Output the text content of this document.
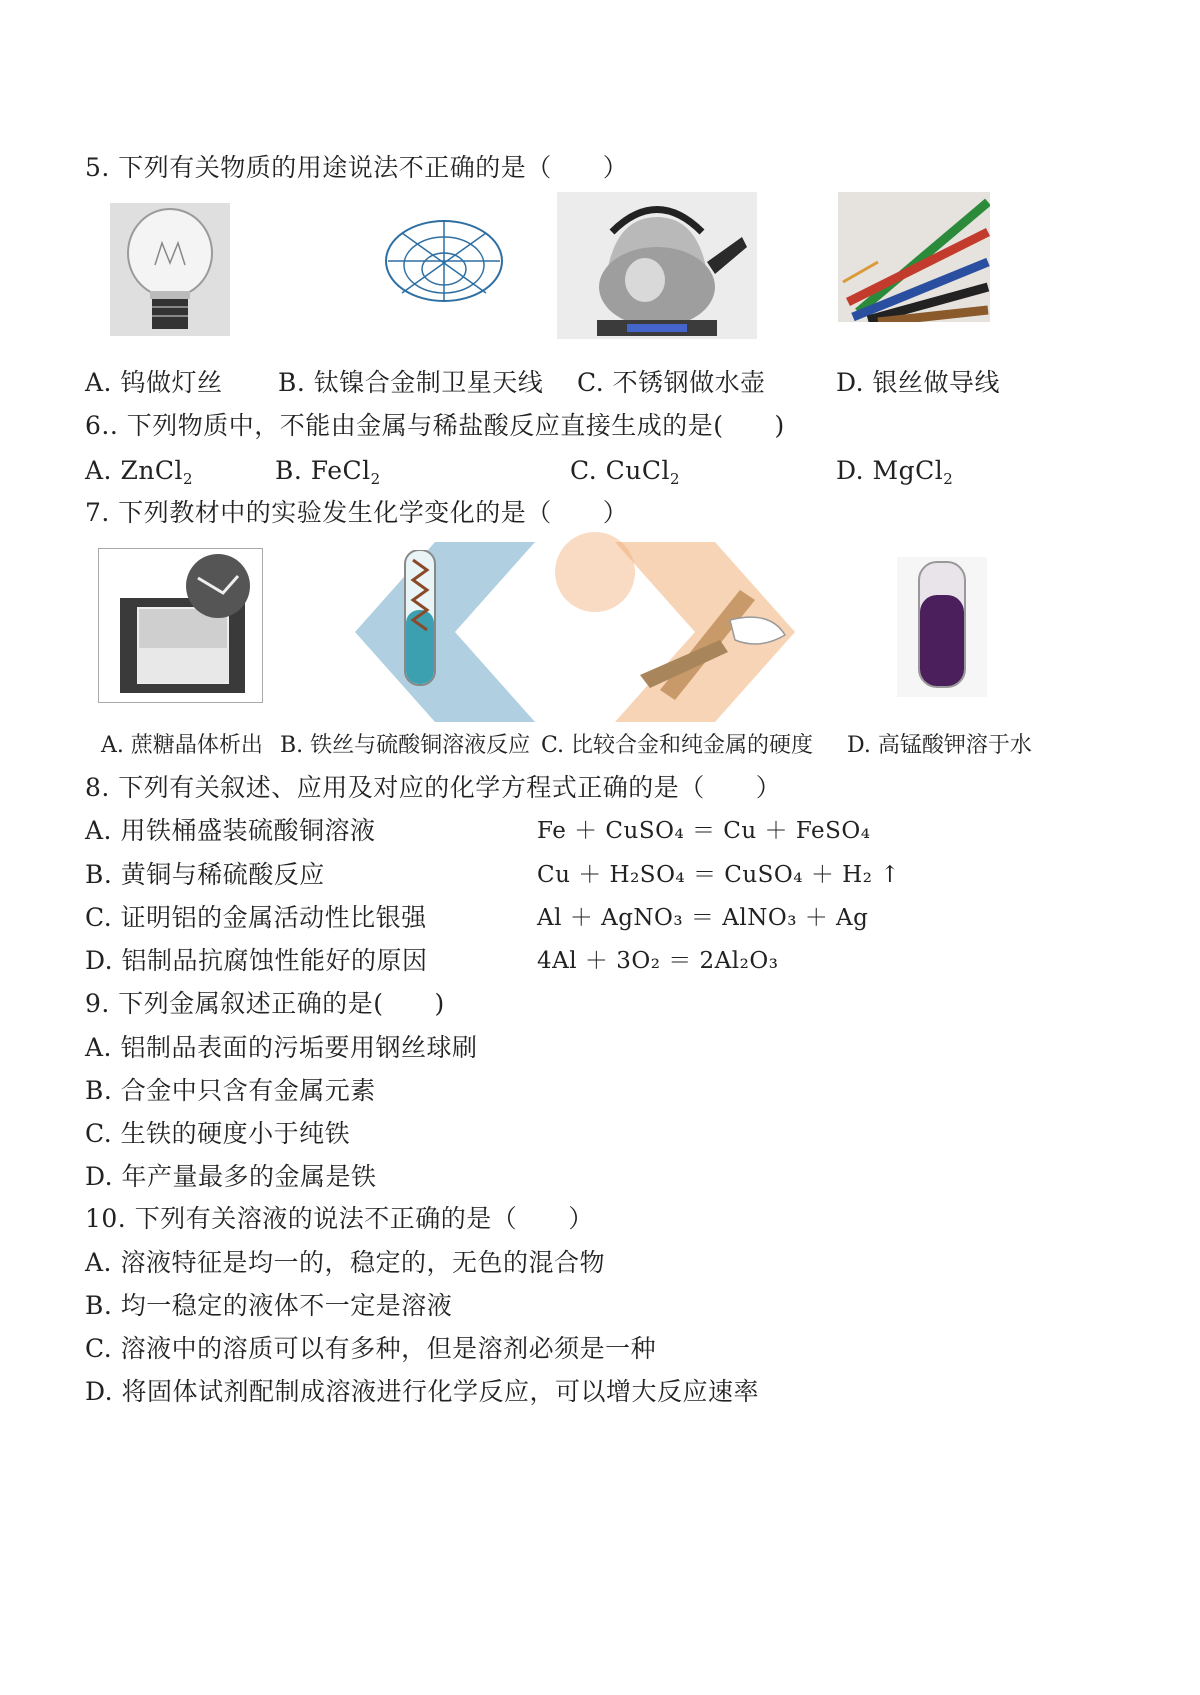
5. 下列有关物质的用途说法不正确的是（　　）
A. 钨做灯丝 B. 钛镍合金制卫星天线 C. 不锈钢做水壶	D. 银丝做导线
6.. 下列物质中，不能由金属与稀盐酸反应直接生成的是(　　)
A. ZnCl$_2$	B. FeCl$_2$	C. CuCl$_2$	D. MgCl$_2$
7. 下列教材中的实验发生化学变化的是（　　）
A. 蔗糖晶体析出 B. 铁丝与硫酸铜溶液反应 C. 比较合金和纯金属的硬度 D. 高锰酸钾溶于水
8. 下列有关叙述、应用及对应的化学方程式正确的是（　　）
A. 用铁桶盛装硫酸铜溶液	Fe ＋ CuSO₄ ＝ Cu ＋ FeSO₄
B. 黄铜与稀硫酸反应	Cu ＋ H₂SO₄ ＝ CuSO₄ ＋ H₂ ↑
C. 证明铝的金属活动性比银强	Al ＋ AgNO₃ ＝ AlNO₃ ＋ Ag
D. 铝制品抗腐蚀性能好的原因	4Al ＋ 3O₂ ＝ 2Al₂O₃
9. 下列金属叙述正确的是(　　)
A. 铝制品表面的污垢要用钢丝球刷
B. 合金中只含有金属元素
C. 生铁的硬度小于纯铁
D. 年产量最多的金属是铁
10. 下列有关溶液的说法不正确的是（　　）
A. 溶液特征是均一的，稳定的，无色的混合物
B. 均一稳定的液体不一定是溶液
C. 溶液中的溶质可以有多种，但是溶剂必须是一种
D. 将固体试剂配制成溶液进行化学反应，可以增大反应速率
